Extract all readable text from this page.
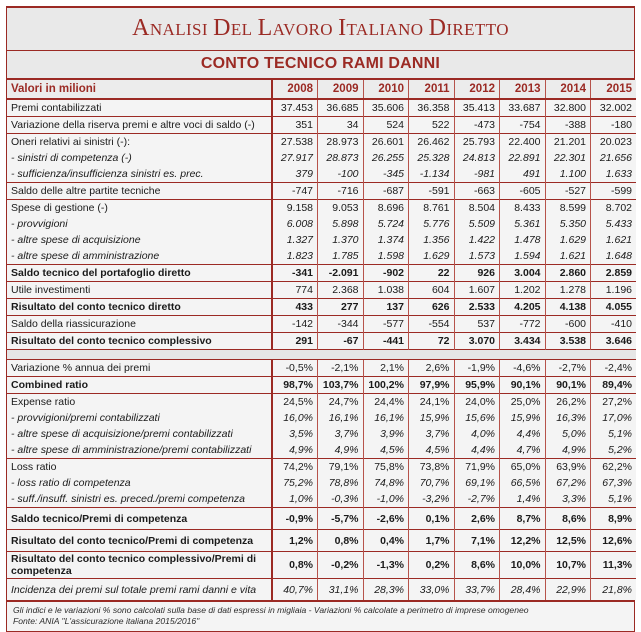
ANALISI DEL LAVORO ITALIANO DIRETTO
CONTO TECNICO RAMI DANNI
Valori in milioni	2008	2009	2010	2011	2012	2013	2014	2015
Premi contabilizzati	37.453	36.685	35.606	36.358	35.413	33.687	32.800	32.002
Variazione della riserva premi e altre voci di saldo (-)	351	34	524	522	-473	-754	-388	-180
Oneri relativi ai sinistri (-):	27.538	28.973	26.601	26.462	25.793	22.400	21.201	20.023
- sinistri di competenza (-)	27.917	28.873	26.255	25.328	24.813	22.891	22.301	21.656
- sufficienza/insufficienza sinistri es. prec.	379	-100	-345	-1.134	-981	491	1.100	1.633
Saldo delle altre partite tecniche	-747	-716	-687	-591	-663	-605	-527	-599
Spese di gestione (-)	9.158	9.053	8.696	8.761	8.504	8.433	8.599	8.702
- provvigioni	6.008	5.898	5.724	5.776	5.509	5.361	5.350	5.433
- altre spese di acquisizione	1.327	1.370	1.374	1.356	1.422	1.478	1.629	1.621
- altre spese di amministrazione	1.823	1.785	1.598	1.629	1.573	1.594	1.621	1.648
Saldo tecnico del portafoglio diretto	-341	-2.091	-902	22	926	3.004	2.860	2.859
Utile investimenti	774	2.368	1.038	604	1.607	1.202	1.278	1.196
Risultato del conto tecnico diretto	433	277	137	626	2.533	4.205	4.138	4.055
Saldo della riassicurazione	-142	-344	-577	-554	537	-772	-600	-410
Risultato del conto tecnico complessivo	291	-67	-441	72	3.070	3.434	3.538	3.646

Variazione % annua dei premi	-0,5%	-2,1%	2,1%	2,6%	-1,9%	-4,6%	-2,7%	-2,4%
Combined ratio	98,7%	103,7%	100,2%	97,9%	95,9%	90,1%	90,1%	89,4%
Expense ratio	24,5%	24,7%	24,4%	24,1%	24,0%	25,0%	26,2%	27,2%
- provvigioni/premi contabilizzati	16,0%	16,1%	16,1%	15,9%	15,6%	15,9%	16,3%	17,0%
- altre spese di acquisizione/premi contabilizzati	3,5%	3,7%	3,9%	3,7%	4,0%	4,4%	5,0%	5,1%
- altre spese di amministrazione/premi contabilizzati	4,9%	4,9%	4,5%	4,5%	4,4%	4,7%	4,9%	5,2%
Loss ratio	74,2%	79,1%	75,8%	73,8%	71,9%	65,0%	63,9%	62,2%
- loss ratio di competenza	75,2%	78,8%	74,8%	70,7%	69,1%	66,5%	67,2%	67,3%
- suff./insuff. sinistri es. preced./premi competenza	1,0%	-0,3%	-1,0%	-3,2%	-2,7%	1,4%	3,3%	5,1%
Saldo tecnico/Premi di competenza	-0,9%	-5,7%	-2,6%	0,1%	2,6%	8,7%	8,6%	8,9%
Risultato del conto tecnico/Premi di competenza	1,2%	0,8%	0,4%	1,7%	7,1%	12,2%	12,5%	12,6%
Risultato del conto tecnico complessivo/Premi di competenza	0,8%	-0,2%	-1,3%	0,2%	8,6%	10,0%	10,7%	11,3%
Incidenza dei premi sul totale premi rami danni e vita	40,7%	31,1%	28,3%	33,0%	33,7%	28,4%	22,9%	21,8%
Gli indici e le variazioni % sono calcolati sulla base di dati espressi in migliaia - Variazioni % calcolate a perimetro di imprese omogeneo
Fonte: ANIA "L'assicurazione italiana 2015/2016"
